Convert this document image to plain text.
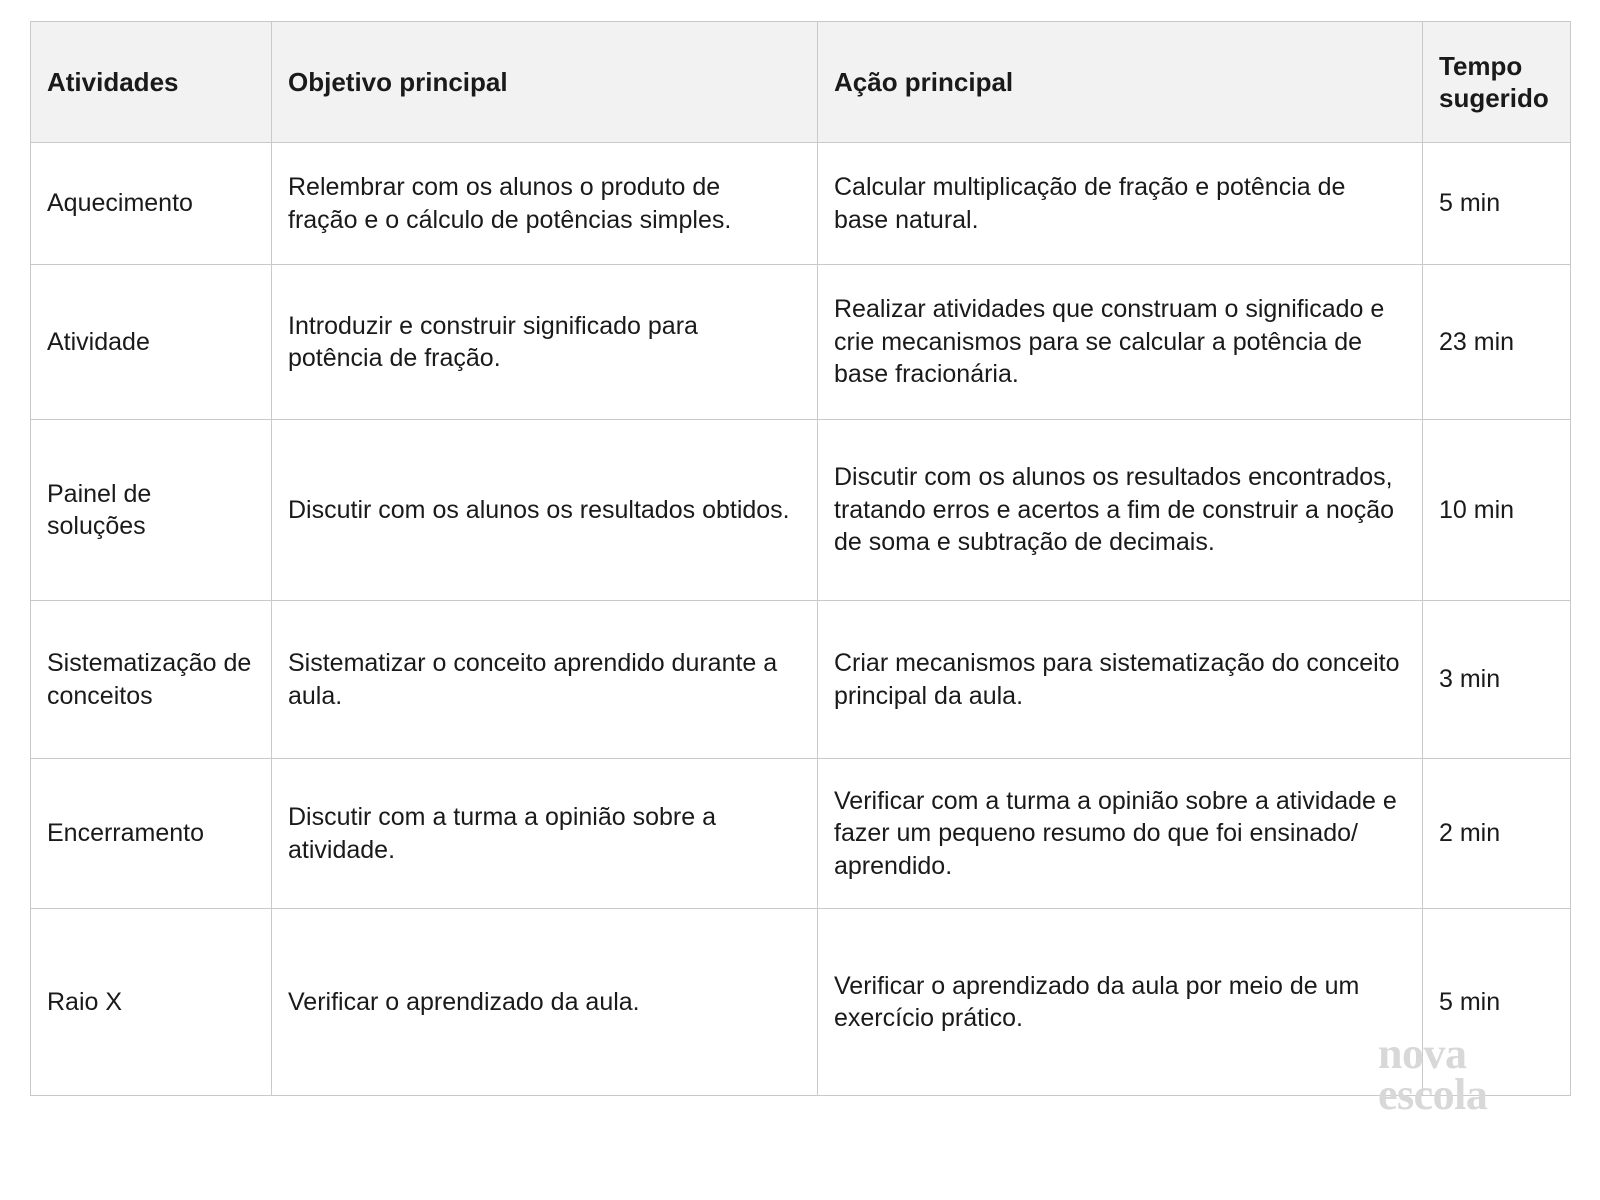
Atividades	Objetivo principal	Ação principal	Tempo sugerido
Aquecimento	Relembrar com os alunos o produto de fração e o cálculo de potências simples.	Calcular multiplicação de fração e potência de base natural.	5 min
Atividade	Introduzir e construir significado para potência de fração.	Realizar atividades que construam o significado e crie mecanismos para se calcular a potência de base fracionária.	23 min
Painel de soluções	Discutir com os alunos os resultados obtidos.	Discutir com os alunos os resultados encontrados, tratando erros e acertos a fim de construir a noção de soma e subtração de decimais.	10 min
Sistematização de conceitos	Sistematizar o conceito aprendido durante a aula.	Criar mecanismos para sistematização do conceito principal da aula.	3 min
Encerramento	Discutir com a turma a opinião sobre a atividade.	Verificar com a turma a opinião sobre a atividade e fazer um pequeno resumo do que foi ensinado/ aprendido.	2 min
Raio X	Verificar o aprendizado da aula.	Verificar o aprendizado da aula por meio de um exercício prático.	5 min
nova
escola
